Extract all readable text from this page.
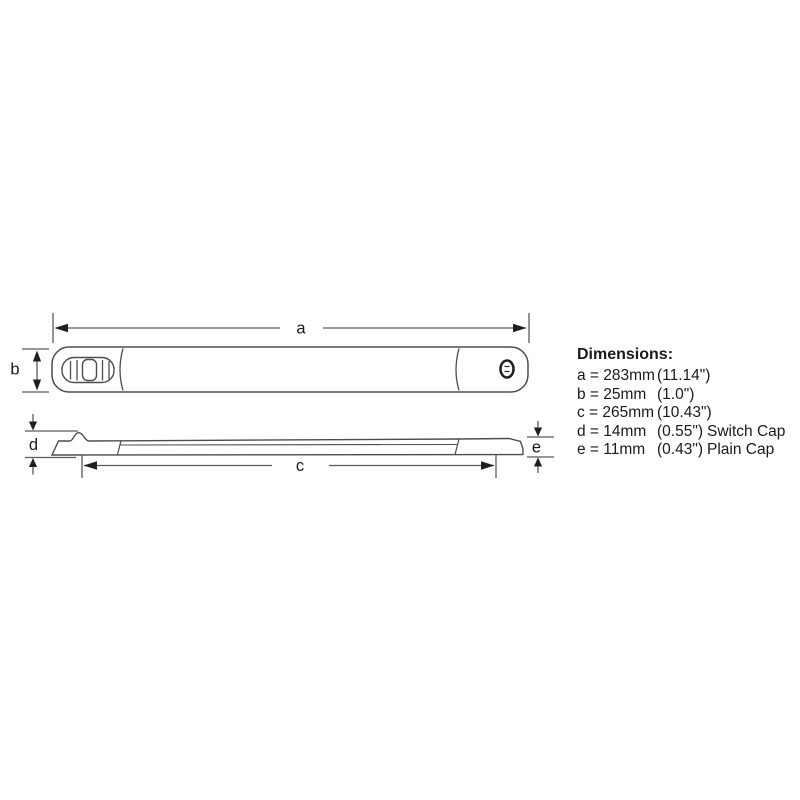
a
b
d	e
c
Dimensions:
a = 283mm (11.14")
b = 25mm (1.0")
c = 265mm (10.43")
d = 14mm (0.55") Switch Cap
e = 11mm (0.43") Plain Cap
